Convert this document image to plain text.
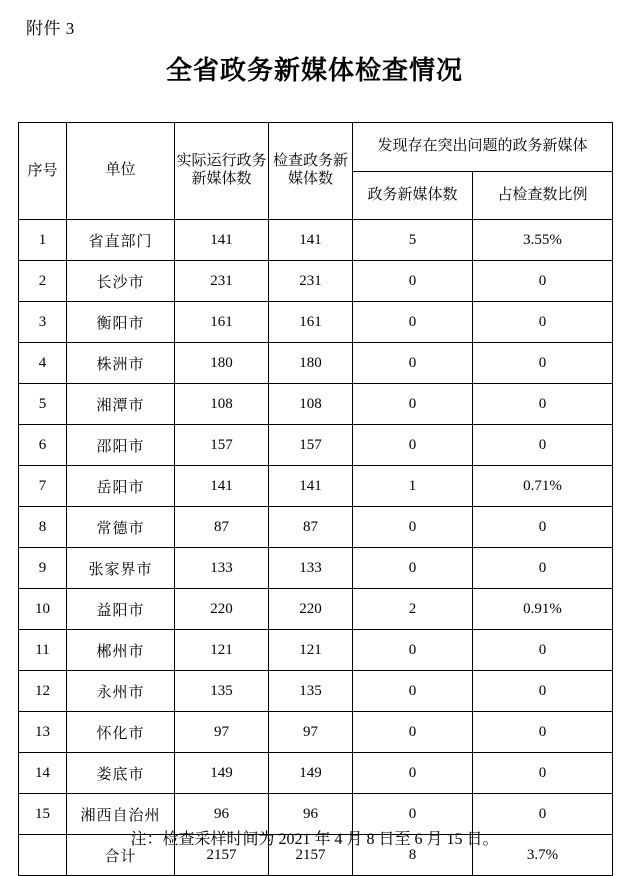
附件 3
全省政务新媒体检查情况
序号	单位	实际运行政务新媒体数	检查政务新媒体数	发现存在突出问题的政务新媒体	
				政务新媒体数	占检查数比例
1	省直部门	141	141	5	3.55%
2	长沙市	231	231	0	0
3	衡阳市	161	161	0	0
4	株洲市	180	180	0	0
5	湘潭市	108	108	0	0
6	邵阳市	157	157	0	0
7	岳阳市	141	141	1	0.71%
8	常德市	87	87	0	0
9	张家界市	133	133	0	0
10	益阳市	220	220	2	0.91%
11	郴州市	121	121	0	0
12	永州市	135	135	0	0
13	怀化市	97	97	0	0
14	娄底市	149	149	0	0
15	湘西自治州	96	96	0	0
	合计	2157	2157	8	3.7%
注：检查采样时间为 2021 年 4 月 8 日至 6 月 15 日。
